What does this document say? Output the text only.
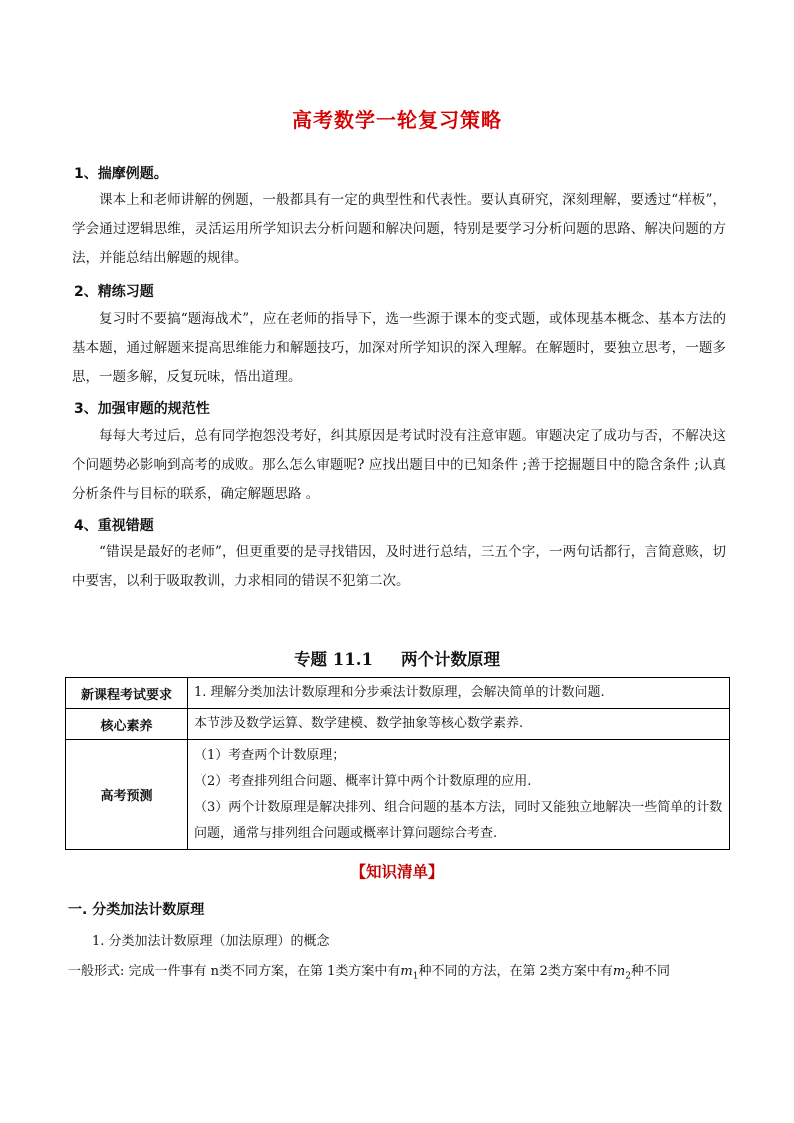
高考数学一轮复习策略
1、揣摩例题。

课本上和老师讲解的例题，一般都具有一定的典型性和代表性。要认真研究，深刻理解，要透过“样板”，学会通过逻辑思维，灵活运用所学知识去分析问题和解决问题，特别是要学习分析问题的思路、解决问题的方法，并能总结出解题的规律。

2、精练习题

复习时不要搞“题海战术”，应在老师的指导下，选一些源于课本的变式题，或体现基本概念、基本方法的基本题，通过解题来提高思维能力和解题技巧，加深对所学知识的深入理解。在解题时，要独立思考，一题多思，一题多解，反复玩味，悟出道理。

3、加强审题的规范性

每每大考过后，总有同学抱怨没考好，纠其原因是考试时没有注意审题。审题决定了成功与否，不解决这个问题势必影响到高考的成败。那么怎么审题呢? 应找出题目中的已知条件 ;善于挖掘题目中的隐含条件 ;认真分析条件与目标的联系，确定解题思路 。

4、重视错题

“错误是最好的老师”，但更重要的是寻找错因，及时进行总结，三五个字，一两句话都行，言简意赅，切中要害，以利于吸取教训，力求相同的错误不犯第二次。

专题 11.1 两个计数原理
新课程考试要求	1. 理解分类加法计数原理和分步乘法计数原理，会解决简单的计数问题.

核心素养	本节涉及数学运算、数学建模、数学抽象等核心数学素养.

高考预测	（1）考查两个计数原理；
（2）考查排列组合问题、概率计算中两个计数原理的应用.
（3）两个计数原理是解决排列、组合问题的基本方法，同时又能独立地解决一些简单的计数问题，通常与排列组合问题或概率计算问题综合考查.
【知识清单】
一. 分类加法计数原理
1. 分类加法计数原理（加法原理）的概念
一般形式: 完成一件事有 n类不同方案，在第 1类方案中有$m_1$种不同的方法，在第 2类方案中有$m_2$种不同
